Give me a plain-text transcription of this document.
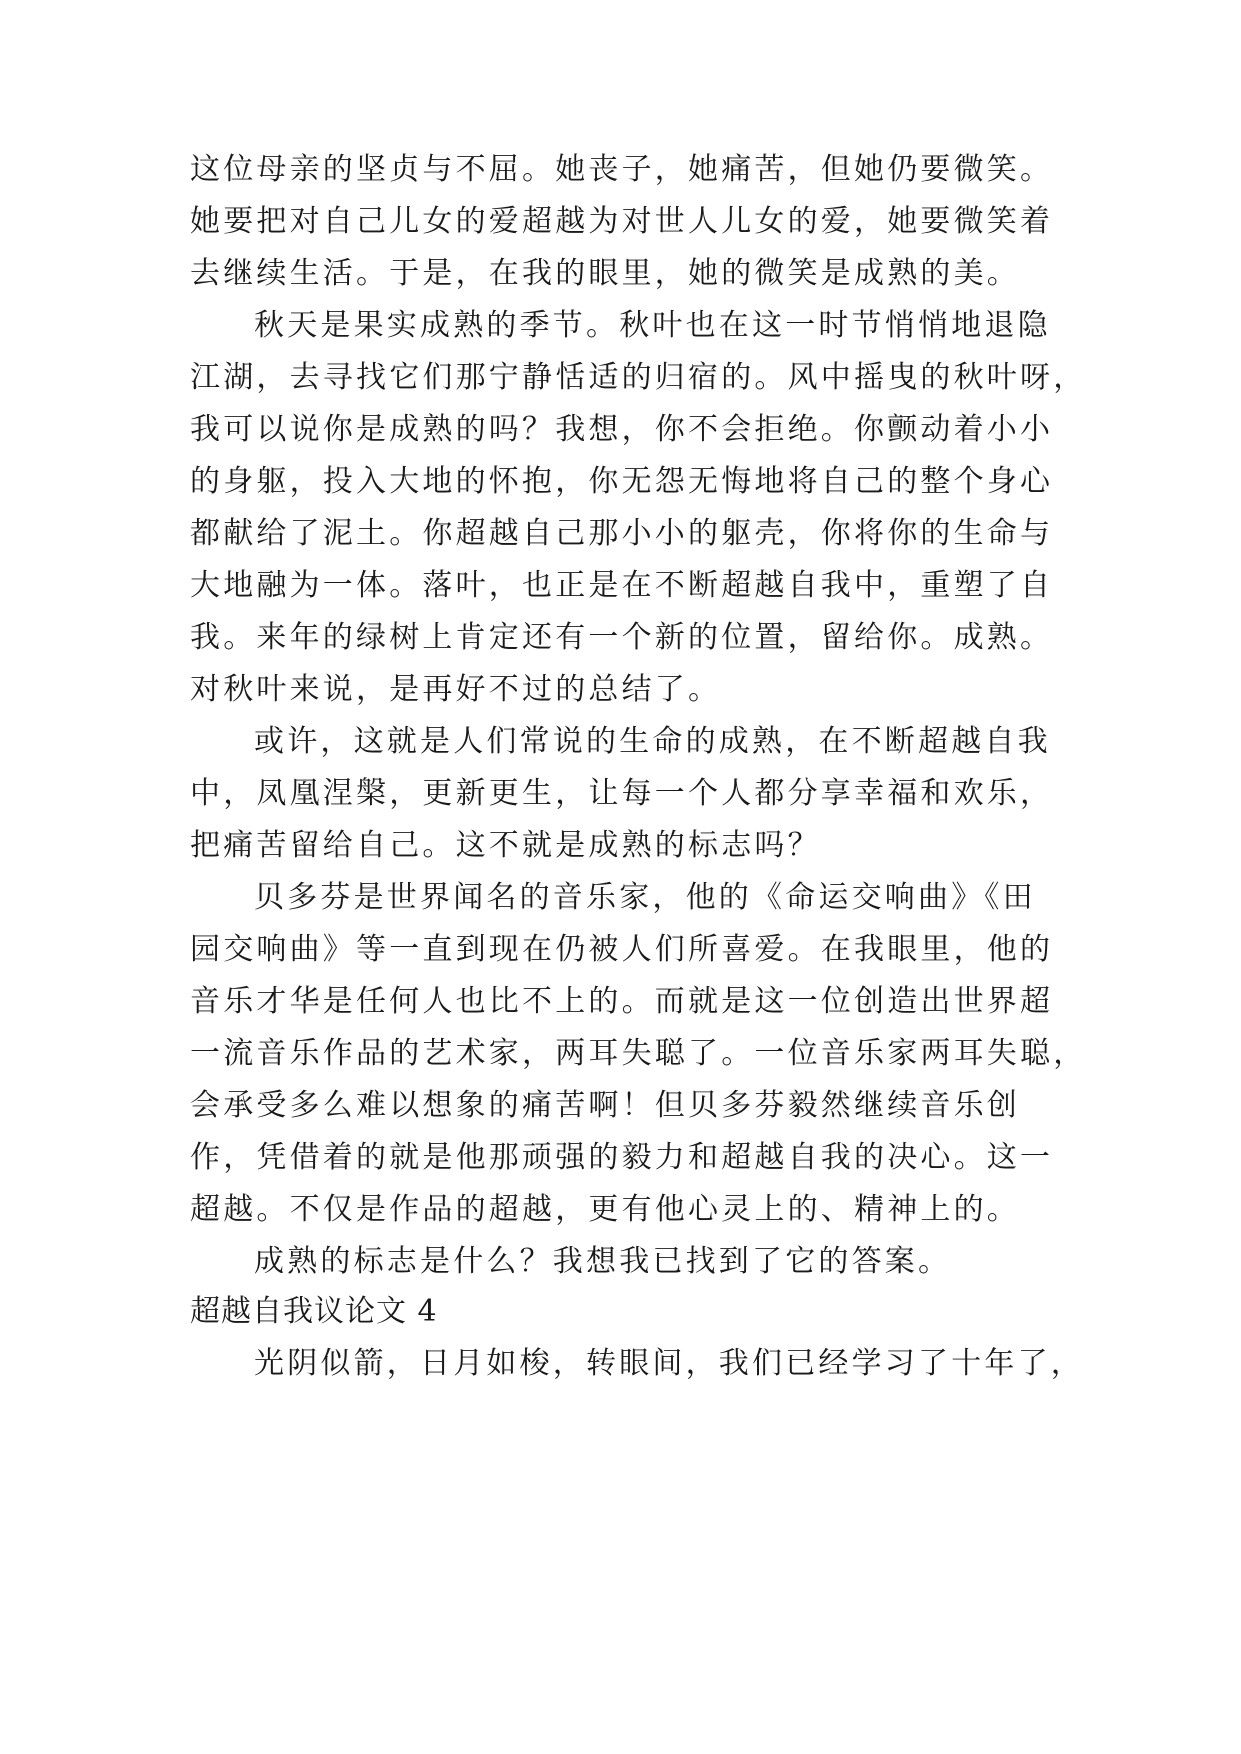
这位母亲的坚贞与不屈。她丧子，她痛苦，但她仍要微笑。
她要把对自己儿女的爱超越为对世人儿女的爱，她要微笑着
去继续生活。于是，在我的眼里，她的微笑是成熟的美。
秋天是果实成熟的季节。秋叶也在这一时节悄悄地退隐
江湖，去寻找它们那宁静恬适的归宿的。风中摇曳的秋叶呀，
我可以说你是成熟的吗？我想，你不会拒绝。你颤动着小小
的身躯，投入大地的怀抱，你无怨无悔地将自己的整个身心
都献给了泥土。你超越自己那小小的躯壳，你将你的生命与
大地融为一体。落叶，也正是在不断超越自我中，重塑了自
我。来年的绿树上肯定还有一个新的位置，留给你。成熟。
对秋叶来说，是再好不过的总结了。
或许，这就是人们常说的生命的成熟，在不断超越自我
中，凤凰涅槃，更新更生，让每一个人都分享幸福和欢乐，
把痛苦留给自己。这不就是成熟的标志吗？
贝多芬是世界闻名的音乐家，他的《命运交响曲》《田
园交响曲》等一直到现在仍被人们所喜爱。在我眼里，他的
音乐才华是任何人也比不上的。而就是这一位创造出世界超
一流音乐作品的艺术家，两耳失聪了。一位音乐家两耳失聪，
会承受多么难以想象的痛苦啊！但贝多芬毅然继续音乐创
作，凭借着的就是他那顽强的毅力和超越自我的决心。这一
超越。不仅是作品的超越，更有他心灵上的、精神上的。
成熟的标志是什么？我想我已找到了它的答案。
超越自我议论文 4
光阴似箭，日月如梭，转眼间，我们已经学习了十年了，
